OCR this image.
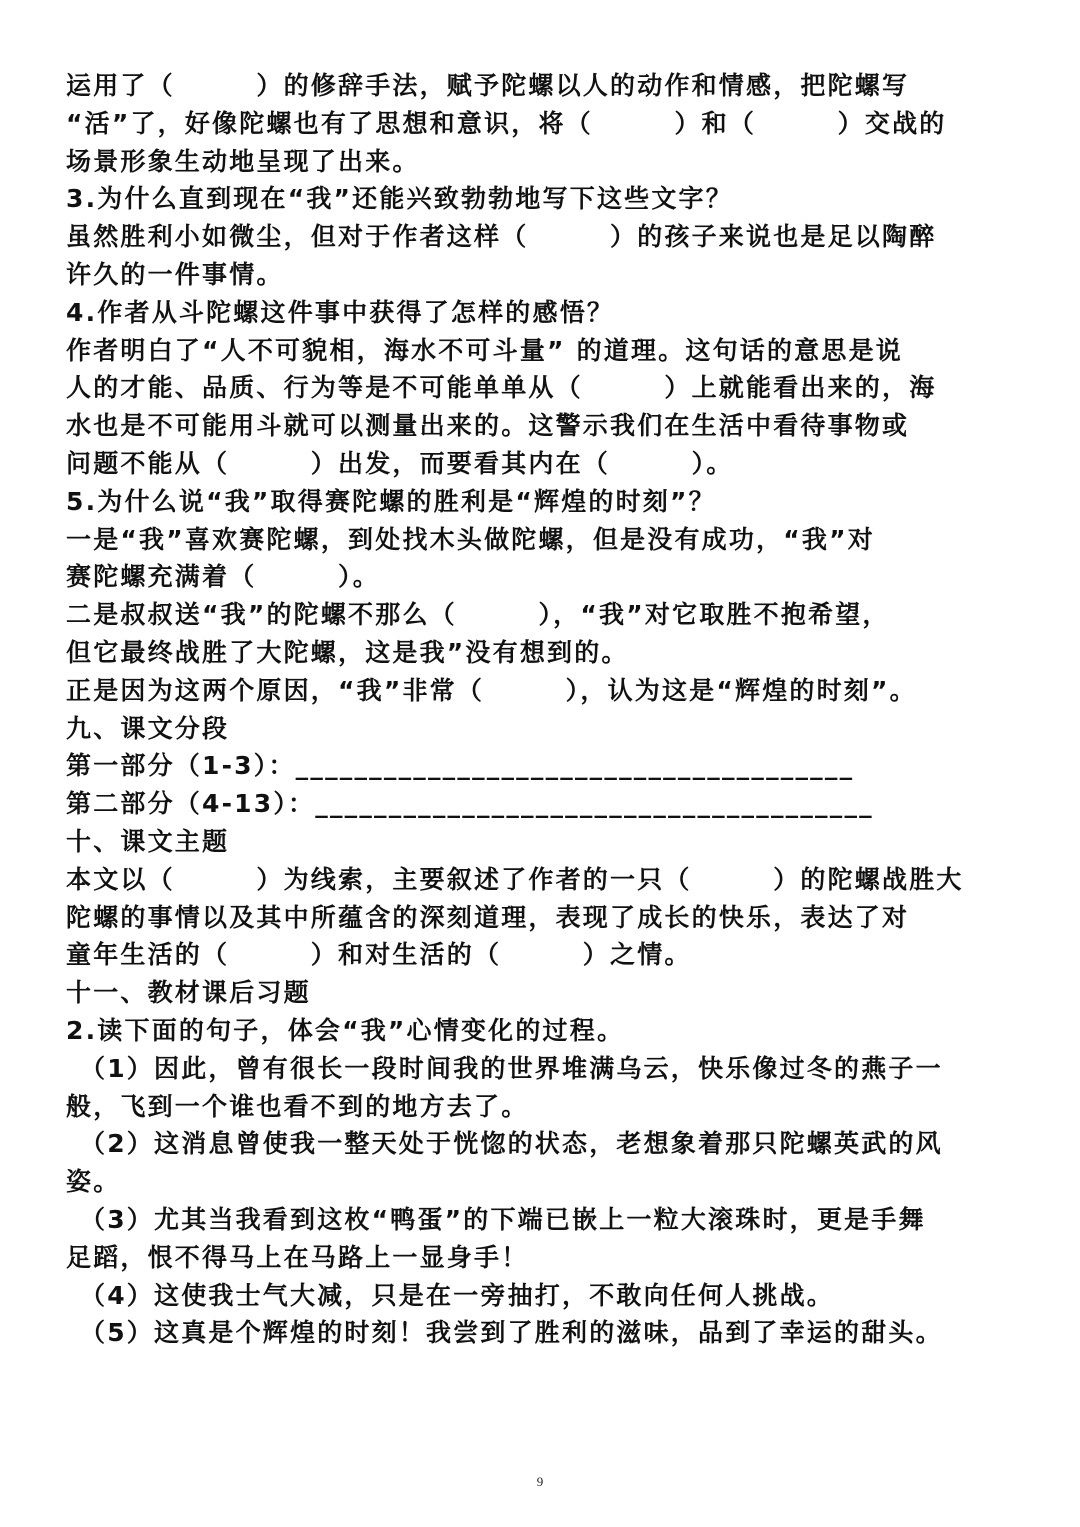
运用了（　　　）的修辞手法，赋予陀螺以人的动作和情感，把陀螺写
“活”了，好像陀螺也有了思想和意识，将（　　　）和（　　　）交战的
场景形象生动地呈现了出来。
3.为什么直到现在“我”还能兴致勃勃地写下这些文字？
虽然胜利小如微尘，但对于作者这样（　　　）的孩子来说也是足以陶醉
许久的一件事情。
4.作者从斗陀螺这件事中获得了怎样的感悟？
作者明白了“人不可貌相，海水不可斗量” 的道理。这句话的意思是说
人的才能、品质、行为等是不可能单单从（　　　）上就能看出来的，海
水也是不可能用斗就可以测量出来的。这警示我们在生活中看待事物或
问题不能从（　　　）出发，而要看其内在（　　　）。
5.为什么说“我”取得赛陀螺的胜利是“辉煌的时刻”？
一是“我”喜欢赛陀螺，到处找木头做陀螺，但是没有成功，“我”对
赛陀螺充满着（　　　）。
二是叔叔送“我”的陀螺不那么（　　　），“我”对它取胜不抱希望，
但它最终战胜了大陀螺，这是我”没有想到的。
正是因为这两个原因，“我”非常（　　　），认为这是“辉煌的时刻”。
九、课文分段
第一部分（1-3）：______________________________________
第二部分（4-13）：______________________________________
十、课文主题
本文以（　　　）为线索，主要叙述了作者的一只（　　　）的陀螺战胜大
陀螺的事情以及其中所蕴含的深刻道理，表现了成长的快乐，表达了对
童年生活的（　　　）和对生活的（　　　）之情。
十一、教材课后习题
2.读下面的句子，体会“我”心情变化的过程。
（1）因此，曾有很长一段时间我的世界堆满乌云，快乐像过冬的燕子一
般，飞到一个谁也看不到的地方去了。
（2）这消息曾使我一整天处于恍惚的状态，老想象着那只陀螺英武的风
姿。
（3）尤其当我看到这枚“鸭蛋”的下端已嵌上一粒大滚珠时，更是手舞
足蹈，恨不得马上在马路上一显身手！
（4）这使我士气大减，只是在一旁抽打，不敢向任何人挑战。
（5）这真是个辉煌的时刻！我尝到了胜利的滋味，品到了幸运的甜头。
9
